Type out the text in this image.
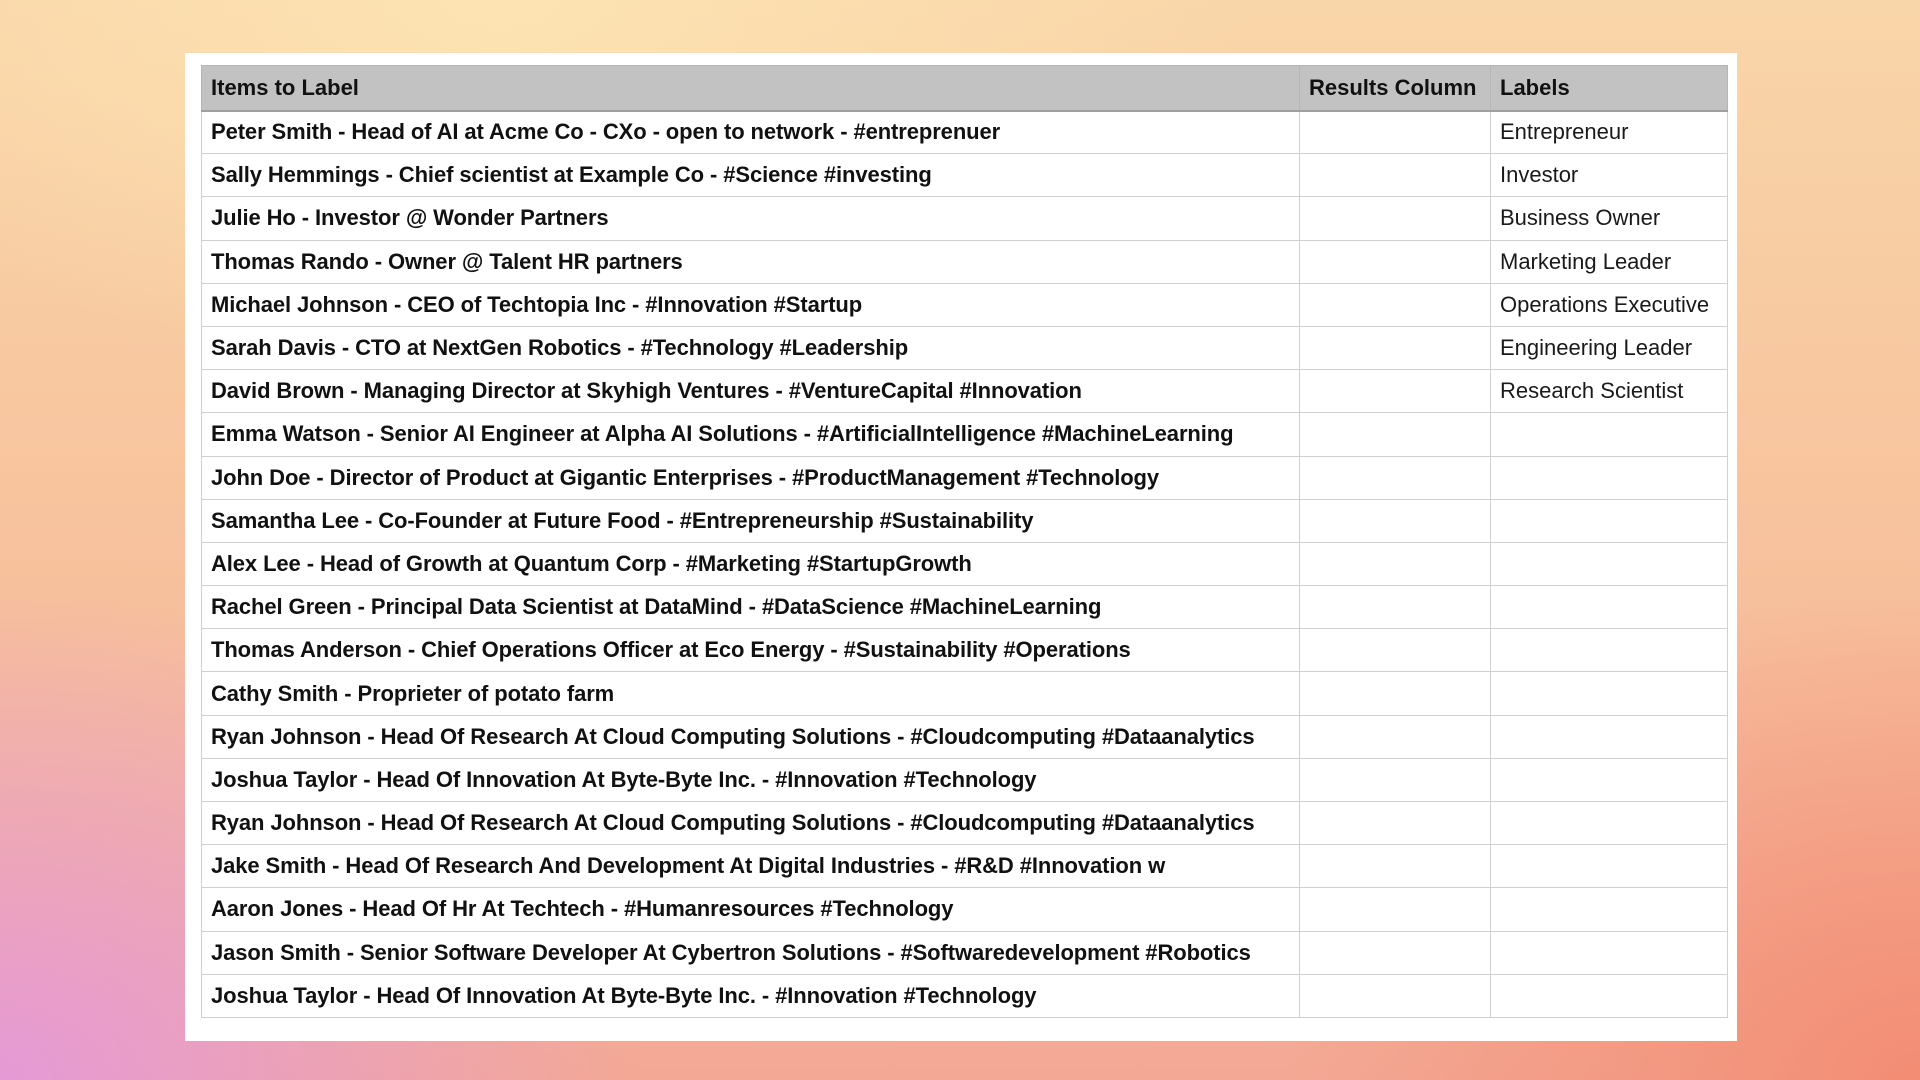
Items to Label	Results Column	Labels
Peter Smith - Head of AI at Acme Co - CXo - open to network - #entreprenuer		Entrepreneur
Sally Hemmings - Chief scientist at Example Co - #Science #investing		Investor
Julie Ho - Investor @ Wonder Partners		Business Owner
Thomas Rando - Owner @ Talent HR partners		Marketing Leader
Michael Johnson - CEO of Techtopia Inc - #Innovation #Startup		Operations Executive
Sarah Davis - CTO at NextGen Robotics - #Technology #Leadership		Engineering Leader
David Brown - Managing Director at Skyhigh Ventures - #VentureCapital #Innovation		Research Scientist
Emma Watson - Senior AI Engineer at Alpha AI Solutions - #ArtificialIntelligence #MachineLearning		
John Doe - Director of Product at Gigantic Enterprises - #ProductManagement #Technology		
Samantha Lee - Co-Founder at Future Food - #Entrepreneurship #Sustainability		
Alex Lee - Head of Growth at Quantum Corp - #Marketing #StartupGrowth		
Rachel Green - Principal Data Scientist at DataMind - #DataScience #MachineLearning		
Thomas Anderson - Chief Operations Officer at Eco Energy - #Sustainability #Operations		
Cathy Smith - Proprieter of potato farm		
Ryan Johnson - Head Of Research At Cloud Computing Solutions - #Cloudcomputing #Dataanalytics		
Joshua Taylor - Head Of Innovation At Byte-Byte Inc. - #Innovation #Technology		
Ryan Johnson - Head Of Research At Cloud Computing Solutions - #Cloudcomputing #Dataanalytics		
Jake Smith - Head Of Research And Development At Digital Industries - #R&D #Innovation w		
Aaron Jones - Head Of Hr At Techtech - #Humanresources #Technology		
Jason Smith - Senior Software Developer At Cybertron Solutions - #Softwaredevelopment #Robotics		
Joshua Taylor - Head Of Innovation At Byte-Byte Inc. - #Innovation #Technology		
